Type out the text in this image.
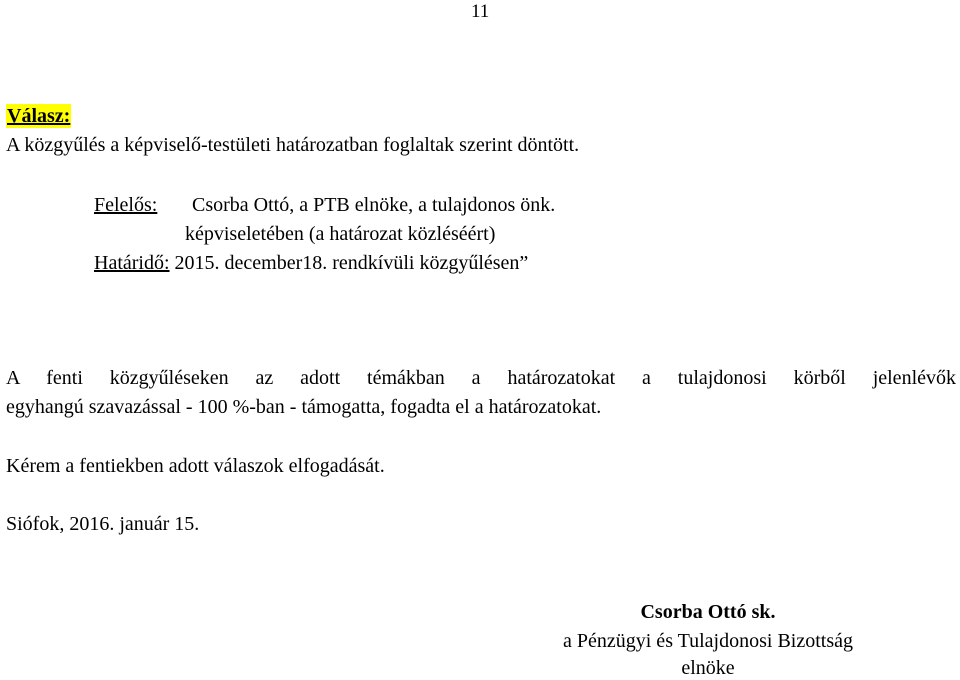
11
Válasz:
A közgyűlés a képviselő-testületi határozatban foglaltak szerint döntött.
Felelős: Csorba Ottó, a PTB elnöke, a tulajdonos önk.
képviseletében (a határozat közléséért)
Határidő: 2015. december18. rendkívüli közgyűlésen”
A fenti közgyűléseken az adott témákban a határozatokat a tulajdonosi körből jelenlévők
egyhangú szavazással - 100 %-ban - támogatta, fogadta el a határozatokat.
Kérem a fentiekben adott válaszok elfogadását.
Siófok, 2016. január 15.
Csorba Ottó sk.
a Pénzügyi és Tulajdonosi Bizottság
elnöke
